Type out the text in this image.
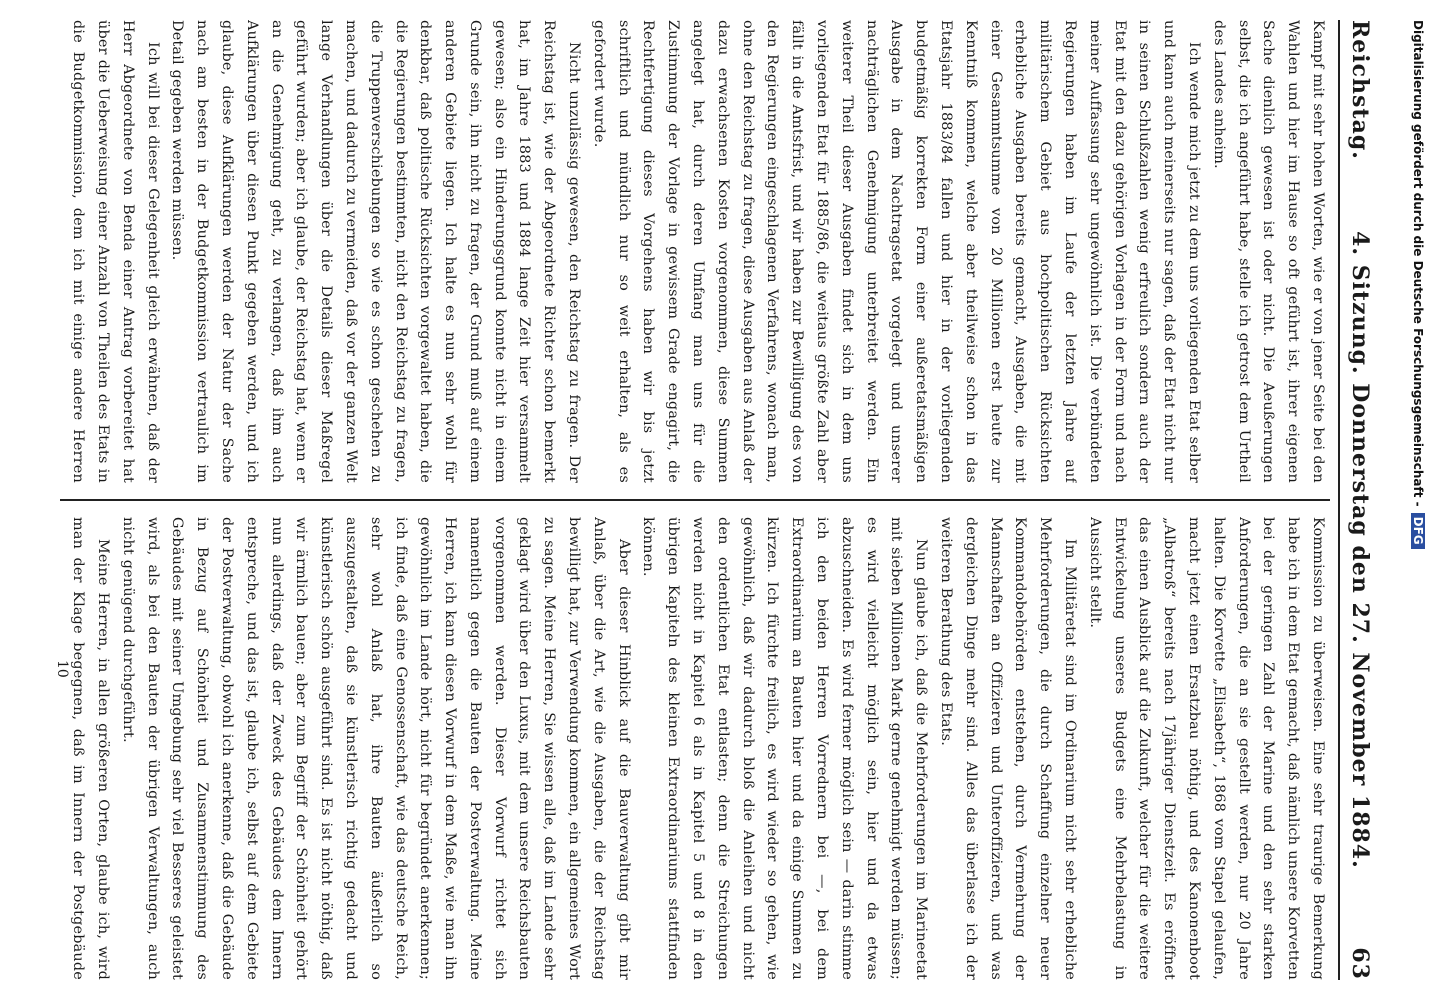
Reichstag.
4. Sitzung. Donnerstag den 27. November 1884.
63

Kampf mit sehr hohen Worten, wie er von jener Seite bei den Wahlen und hier im Hause so oft geführt ist, ihrer eigenen Sache dienlich gewesen ist oder nicht. Die Aeußerungen selbst, die ich angeführt habe, stelle ich getrost dem Urtheil des Landes anheim.

Ich wende mich jetzt zu dem uns vorliegenden Etat selber und kann auch meinerseits nur sagen, daß der Etat nicht nur in seinen Schlußzahlen wenig erfreulich sondern auch der Etat mit den dazu gehörigen Vorlagen in der Form und nach meiner Auffassung sehr ungewöhnlich ist. Die verbündeten Regierungen haben im Laufe der letzten Jahre auf militärischem Gebiet aus hochpolitischen Rücksichten erhebliche Ausgaben bereits gemacht, Ausgaben, die mit einer Gesammtsumme von 20 Millionen erst heute zur Kenntniß kommen, welche aber theilweise schon in das Etatsjahr 1883/84 fallen und hier in der vorliegenden budgetmäßig korrekten Form einer außeretatsmäßigen Ausgabe in dem Nachtragsetat vorgelegt und unserer nachträglichen Genehmigung unterbreitet werden. Ein weiterer Theil dieser Ausgaben findet sich in dem uns vorliegenden Etat für 1885/86, die weitaus größte Zahl aber fällt in die Amtsfrist, und wir haben zur Bewilligung des von den Regierungen eingeschlagenen Verfahrens, wonach man, ohne den Reichstag zu fragen, diese Ausgaben aus Anlaß der dazu erwachsenen Kosten vorgenommen, diese Summen angelegt hat, durch deren Umfang man uns für die Zustimmung der Vorlage in gewissem Grade engagirt, die Rechtfertigung dieses Vorgehens haben wir bis jetzt schriftlich und mündlich nur so weit erhalten, als es gefordert wurde.

Nicht unzulässig gewesen, den Reichstag zu fragen. Der Reichstag ist, wie der Abgeordnete Richter schon bemerkt hat, im Jahre 1883 und 1884 lange Zeit hier versammelt gewesen; also ein Hinderungsgrund konnte nicht in einem Grunde sein, ihn nicht zu fragen, der Grund muß auf einem anderen Gebiete liegen. Ich halte es nun sehr wohl für denkbar, daß politische Rücksichten vorgewaltet haben, die die Regierungen bestimmten, nicht den Reichstag zu fragen, die Truppenverschiebungen so wie es schon geschehen zu machen, und dadurch zu vermeiden, daß vor der ganzen Welt lange Verhandlungen über die Details dieser Maßregel geführt wurden; aber ich glaube, der Reichstag hat, wenn er an die Genehmigung geht, zu verlangen, daß ihm auch Aufklärungen über diesen Punkt gegeben werden, und ich glaube, diese Aufklärungen werden der Natur der Sache nach am besten in der Budgetkommission vertraulich im Detail gegeben werden müssen.

Ich will bei dieser Gelegenheit gleich erwähnen, daß der Herr Abgeordnete von Benda einer Antrag vorbereitet hat über die Ueberweisung einer Anzahl von Theilen des Etats in die Budgetkommission, dem ich mit einige andere Herren

Kommission zu überweisen. Eine sehr traurige Bemerkung habe ich in dem Etat gemacht, daß nämlich unsere Korvetten bei der geringen Zahl der Marine und den sehr starken Anforderungen, die an sie gestellt werden, nur 20 Jahre halten. Die Korvette „Elisabeth“, 1868 vom Stapel gelaufen, macht jetzt einen Ersatzbau nöthig, und des Kanonenboot „Albatroß“ bereits nach 17jähriger Dienstzeit. Es eröffnet das einen Ausblick auf die Zukunft, welcher für die weitere Entwickelung unseres Budgets eine Mehrbelastung in Aussicht stellt.

Im Militäretat sind im Ordinarium nicht sehr erhebliche Mehrforderungen, die durch Schaffung einzelner neuer Kommandobehörden entstehen, durch Vermehrung der Mannschaften an Offizieren und Unteroffizieren, und was dergleichen Dinge mehr sind. Alles das überlasse ich der weiteren Berathung des Etats.

Nun glaube ich, daß die Mehrforderungen im Marineetat mit sieben Millionen Mark gerne genehmigt werden müssen; es wird vielleicht möglich sein, hier und da etwas abzuschneiden. Es wird ferner möglich sein — darin stimme ich den beiden Herren Vorrednern bei —, bei dem Extraordinarium an Bauten hier und da einige Summen zu kürzen. Ich fürchte freilich, es wird wieder so gehen, wie gewöhnlich, daß wir dadurch bloß die Anleihen und nicht den ordentlichen Etat entlasten; denn die Streichungen werden nicht in Kapitel 6 als in Kapitel 5 und 8 in den übrigen Kapiteln des kleinen Extraordinariums stattfinden können.

Aber dieser Hinblick auf die Bauverwaltung gibt mir Anlaß, über die Art, wie die Ausgaben, die der Reichstag bewilligt hat, zur Verwendung kommen, ein allgemeines Wort zu sagen. Meine Herren, Sie wissen alle, daß im Lande sehr geklagt wird über den Luxus, mit dem unsere Reichsbauten vorgenommen werden. Dieser Vorwurf richtet sich namentlich gegen die Bauten der Postverwaltung. Meine Herren, ich kann diesen Vorwurf in dem Maße, wie man ihn gewöhnlich im Lande hört, nicht für begründet anerkennen; ich finde, daß eine Genossenschaft, wie das deutsche Reich, sehr wohl Anlaß hat, ihre Bauten äußerlich so auszugestalten, daß sie künstlerisch richtig gedacht und künstlerisch schön ausgeführt sind. Es ist nicht nöthig, daß wir ärmlich bauen; aber zum Begriff der Schönheit gehört nun allerdings, daß der Zweck des Gebäudes dem Innern entspreche, und das ist, glaube ich, selbst auf dem Gebiete der Postverwaltung, obwohl ich anerkenne, daß die Gebäude in Bezug auf Schönheit und Zusammenstimmung des Gebäudes mit seiner Umgebung sehr viel Besseres geleistet wird, als bei den Bauten der übrigen Verwaltungen, auch nicht genügend durchgeführt.

Meine Herren, in allen größeren Orten, glaube ich, wird man der Klage begegnen, daß im Innern der Postgebäude

10
Digitalisierung gefördert durch die Deutsche Forschungsgemeinschaft -
DFG
